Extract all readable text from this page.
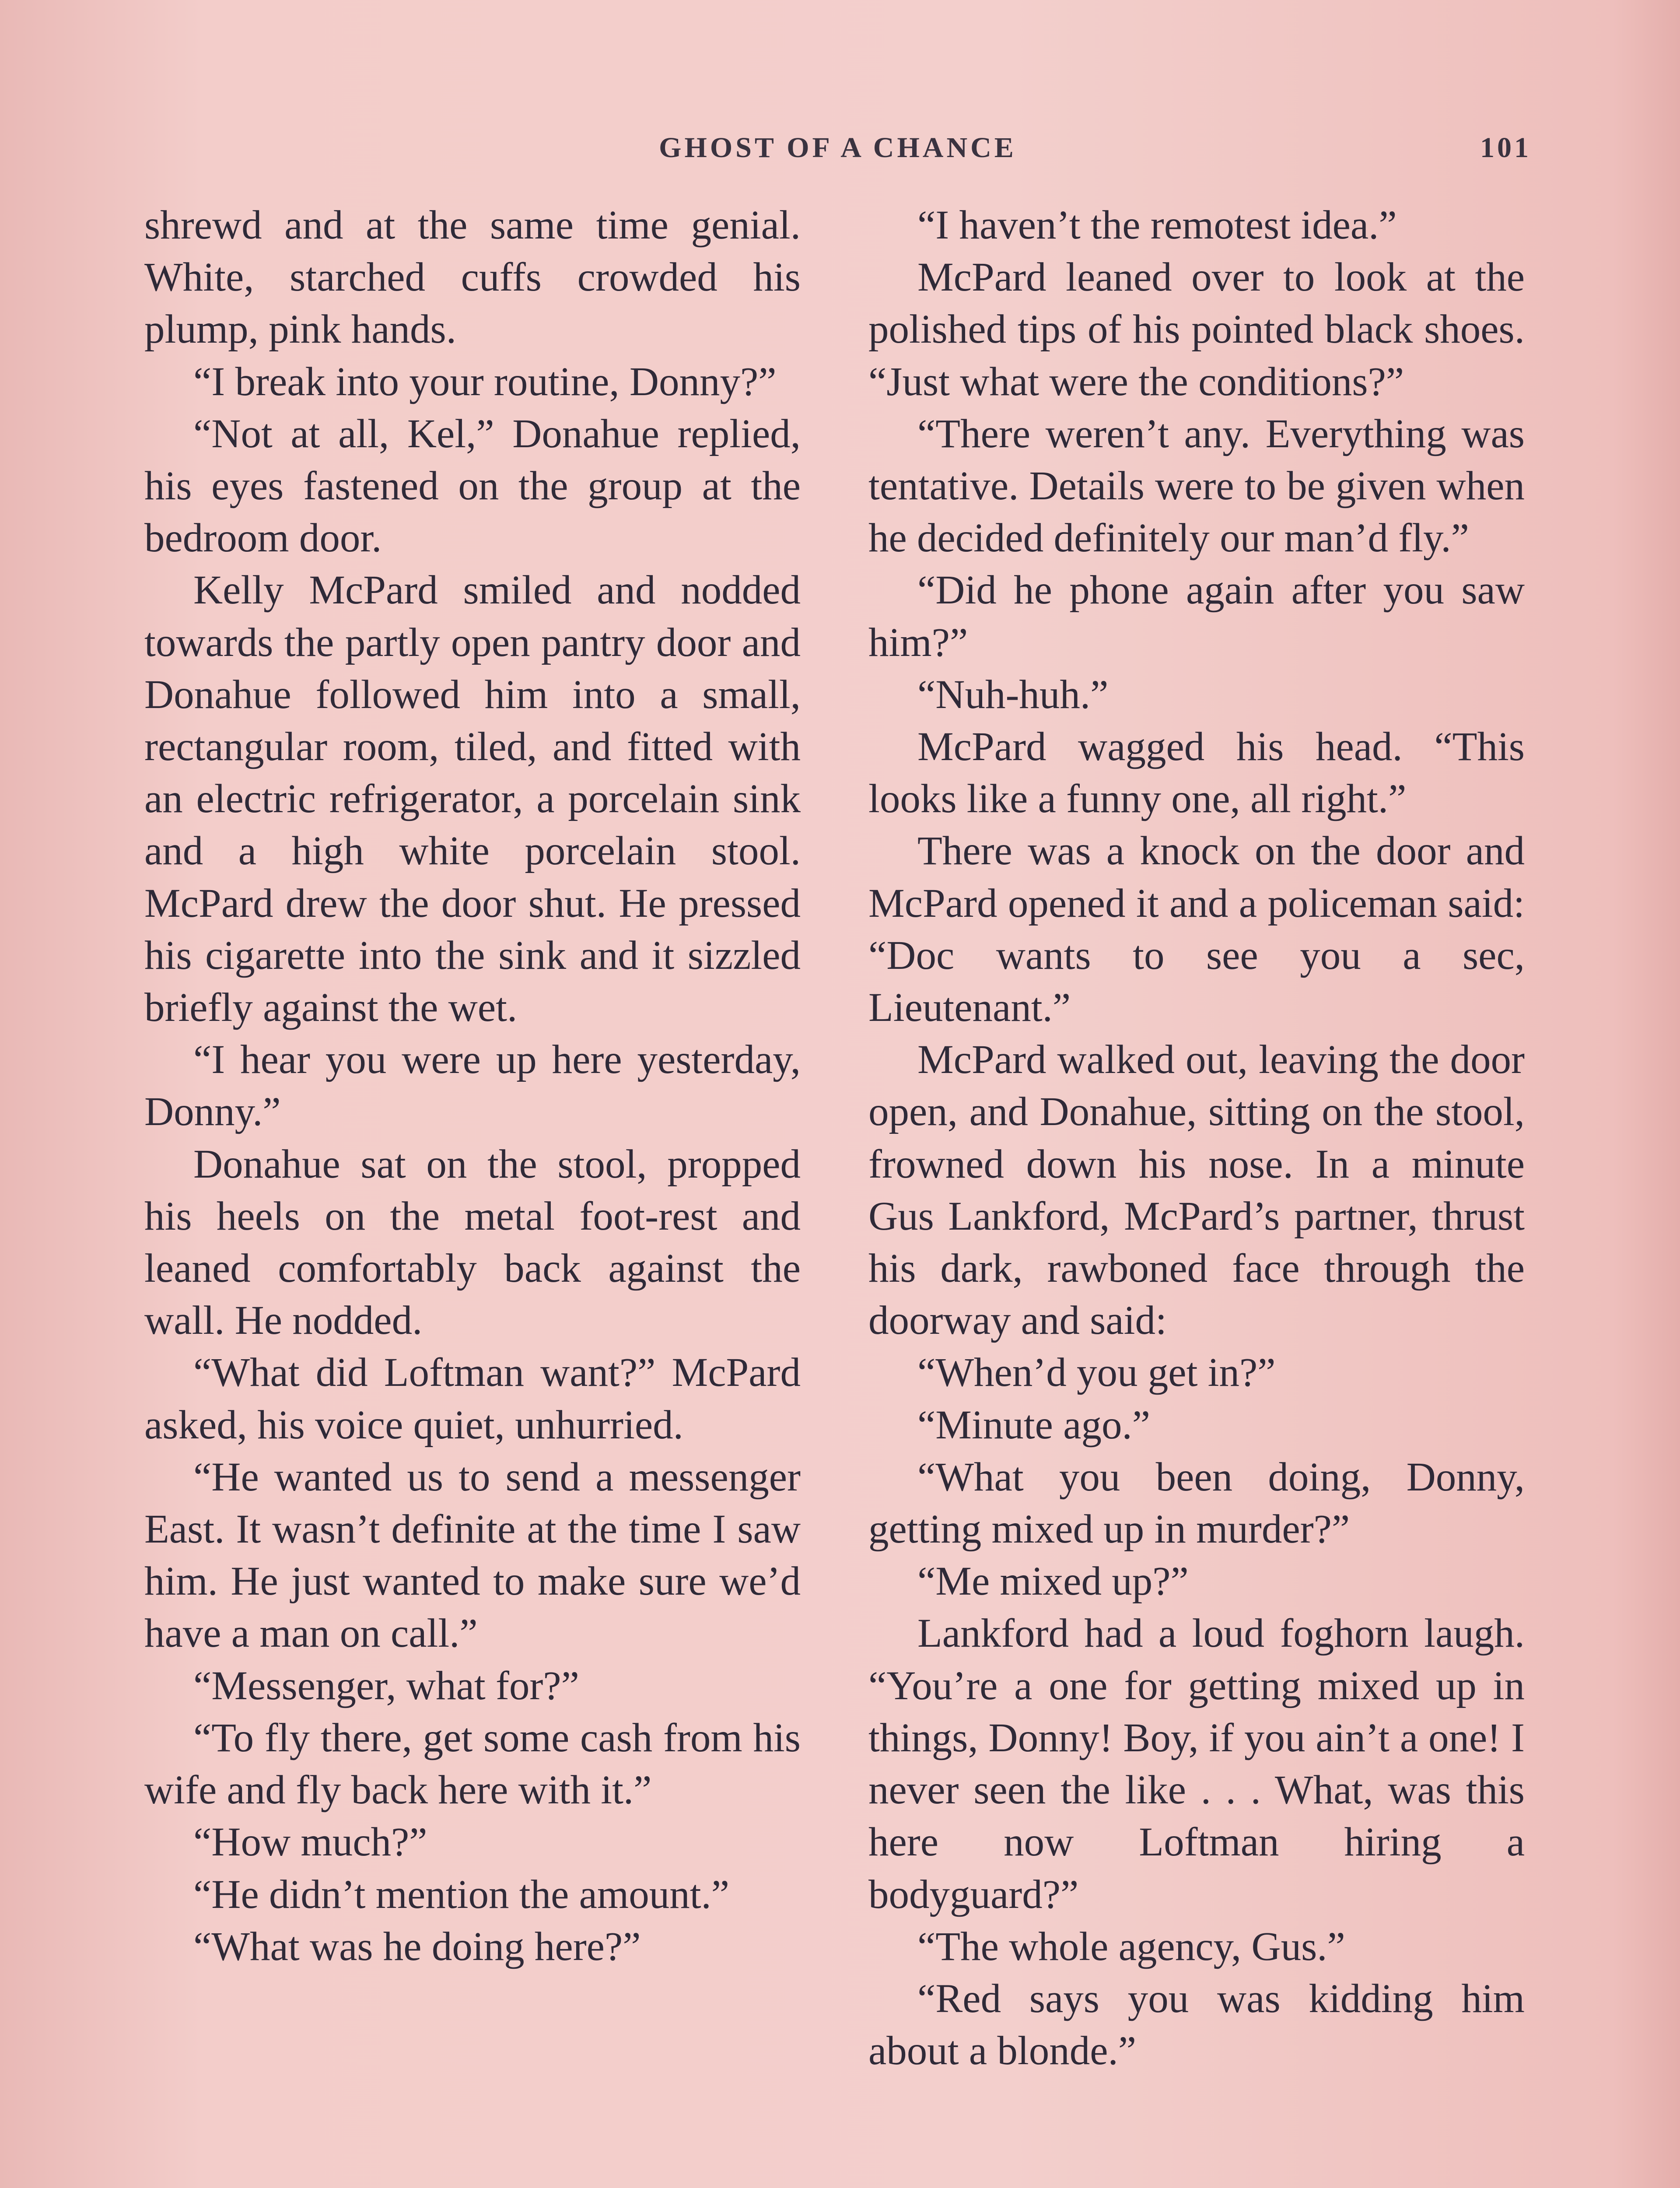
GHOST OF A CHANCE	101

shrewd and at the same time genial. White, starched cuffs crowded his plump, pink hands.

“I break into your routine, Donny?”

“Not at all, Kel,” Donahue replied, his eyes fastened on the group at the bedroom door.

Kelly McPard smiled and nodded towards the partly open pantry door and Donahue followed him into a small, rectangular room, tiled, and fitted with an electric refrigerator, a porcelain sink and a high white porcelain stool. McPard drew the door shut. He pressed his cigarette into the sink and it sizzled briefly against the wet.

“I hear you were up here yesterday, Donny.”

Donahue sat on the stool, propped his heels on the metal foot-rest and leaned comfortably back against the wall. He nodded.

“What did Loftman want?” McPard asked, his voice quiet, unhurried.

“He wanted us to send a messenger East. It wasn’t definite at the time I saw him. He just wanted to make sure we’d have a man on call.”

“Messenger, what for?”

“To fly there, get some cash from his wife and fly back here with it.”

“How much?”

“He didn’t mention the amount.”

“What was he doing here?”

“I haven’t the remotest idea.”

McPard leaned over to look at the polished tips of his pointed black shoes. “Just what were the conditions?”

“There weren’t any. Everything was tentative. Details were to be given when he decided definitely our man’d fly.”

“Did he phone again after you saw him?”

“Nuh-huh.”

McPard wagged his head. “This looks like a funny one, all right.”

There was a knock on the door and McPard opened it and a policeman said: “Doc wants to see you a sec, Lieutenant.”

McPard walked out, leaving the door open, and Donahue, sitting on the stool, frowned down his nose. In a minute Gus Lankford, McPard’s partner, thrust his dark, rawboned face through the doorway and said:

“When’d you get in?”

“Minute ago.”

“What you been doing, Donny, getting mixed up in murder?”

“Me mixed up?”

Lankford had a loud foghorn laugh. “You’re a one for getting mixed up in things, Donny! Boy, if you ain’t a one! I never seen the like . . . What, was this here now Loftman hiring a bodyguard?”

“The whole agency, Gus.”

“Red says you was kidding him about a blonde.”
